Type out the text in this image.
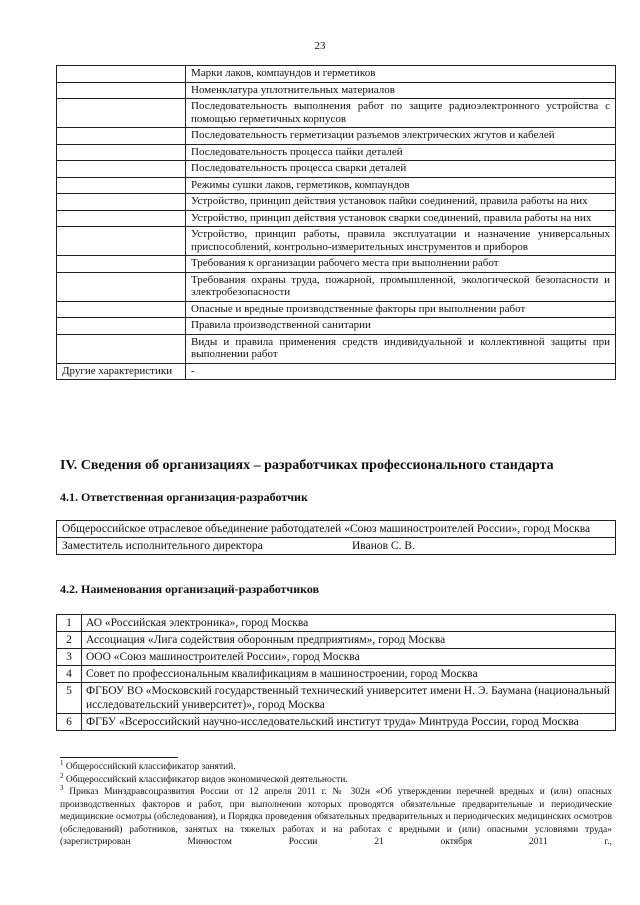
23
	Марки лаков, компаундов и герметиков
	Номенклатура уплотнительных материалов
	Последовательность выполнения работ по защите радиоэлектронного устройства с помощью герметичных корпусов
	Последовательность герметизации разъемов электрических жгутов и кабелей
	Последовательность процесса пайки деталей
	Последовательность процесса сварки деталей
	Режимы сушки лаков, герметиков, компаундов
	Устройство, принцип действия установок пайки соединений, правила работы на них
	Устройство, принцип действия установок сварки соединений, правила работы на них
	Устройство, принцип работы, правила эксплуатации и назначение универсальных приспособлений, контрольно-измерительных инструментов и приборов
	Требования к организации рабочего места при выполнении работ
	Требования охраны труда, пожарной, промышленной, экологической безопасности и электробезопасности
	Опасные и вредные производственные факторы при выполнении работ
	Правила производственной санитарии
	Виды и правила применения средств индивидуальной и коллективной защиты при выполнении работ
Другие характеристики	-
IV. Сведения об организациях – разработчиках профессионального стандарта
4.1. Ответственная организация-разработчик
Общероссийское отраслевое объединение работодателей «Союз машиностроителей России», город Москва
Заместитель исполнительного директора	Иванов С. В.
4.2. Наименования организаций-разработчиков
1	АО «Российская электроника», город Москва
2	Ассоциация «Лига содействия оборонным предприятиям», город Москва
3	ООО «Союз машиностроителей России», город Москва
4	Совет по профессиональным квалификациям в машиностроении, город Москва
5	ФГБОУ ВО «Московский государственный технический университет имени Н. Э. Баумана (национальный исследовательский университет)», город Москва
6	ФГБУ «Всероссийский научно-исследовательский институт труда» Минтруда России, город Москва

$^1$ Общероссийский классификатор занятий.

$^2$ Общероссийский классификатор видов экономической деятельности.

$^3$ Приказ Минздравсоцразвития России от 12 апреля 2011 г. № 302н «Об утверждении перечней вредных и (или) опасных производственных факторов и работ, при выполнении которых проводятся обязательные предварительные и периодические медицинские осмотры (обследования), и Порядка проведения обязательных предварительных и периодических медицинских осмотров (обследований) работников, занятых на тяжелых работах и на работах с вредными и (или) опасными условиями труда» (зарегистрирован Минюстом России 21 октября 2011 г.,
